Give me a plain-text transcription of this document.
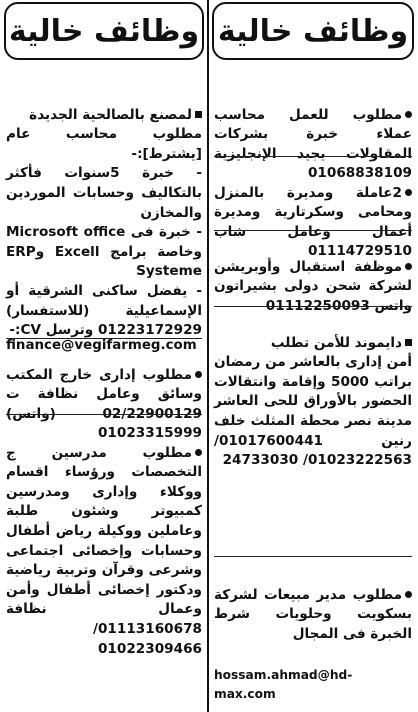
وظائف خالية

مطلوب للعمل محاسب عملاء خبرة بشركات المقاولات يجيد الإنجليزية 01068838109

2عاملة ومديرة بالمنزل ومحامى وسكرتارية ومديرة أعمال وعامل شاب 01114729510

موظفة استقبال وأوبريشن لشركة شحن دولى بشيراتون واتس 01112250093

دايموند للأمن تطلب
أمن إدارى بالعاشر من رمضان براتب 5000 وإقامة وانتقالات الحضور بالأوراق للحى العاشر مدينة نصر محطة المثلث خلف رنين 01017600441/ 01023222563/ 24733030

مطلوب مدير مبيعات لشركة بسكويت وحلويات شرط الخبرة فى المجال

hossam.ahmad@hd-max.com

وظائف خالية

لمصنع بالصالحية الجديدة
مطلوب محاسب عام [يشترط]:-
- خبرة 5سنوات فأكثر بالتكاليف وحسابات الموردين والمخازن
- خبرة فى Microsoft office وخاصة برامج Excell وERP Systeme
- يفضل ساكنى الشرقية أو الإسماعيلية (للاستفسار) 01223172929 وترسل CV:-

finance@vegifarmeg.com

مطلوب إدارى خارج المكتب وسائق وعامل نظافة ت 02/22900129 (واتس) 01023315999

مطلوب مدرسين ج التخصصات ورؤساء اقسام ووكلاء وإدارى ومدرسين كمبيوتر وشئون طلبة وعاملين ووكيلة رياض أطفال وحسابات وإخصائى اجتماعى وشرعى وقرآن وتربية رياضية ودكتور إخصائى أطفال وأمن وعمال نظافة 01113160678/ 01022309466
